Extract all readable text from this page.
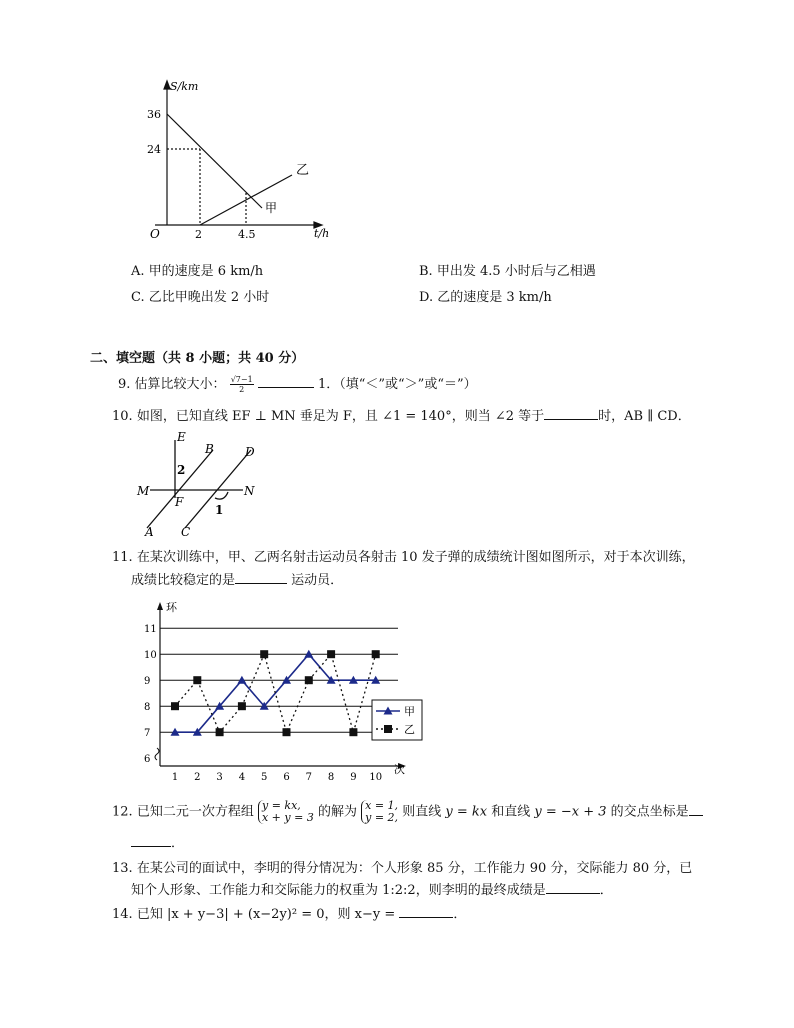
S/km
t/h
O
36
24
2	4.5
甲
乙
A. 甲的速度是 6 km/h	B. 甲出发 4.5 小时后与乙相遇
C. 乙比甲晚出发 2 小时	D. 乙的速度是 3 km/h
二、填空题（共 8 小题；共 40 分）
9. 估算比较大小： $\frac{√7-1}{2}$	1．（填“＜”或“＞”或“＝”）
10. 如图，已知直线 EF ⊥ MN 垂足为 F，且 ∠1 = 140°，则当 ∠2 等于	时，AB ∥ CD．
E
B	D
M	N
F
A C
1
2
11. 在某次训练中，甲、乙两名射击运动员各射击 10 发子弹的成绩统计图如图所示，对于本次训练，
成绩比较稳定的是	运动员．
环
次
6
7
8
9
10
11
1 2 3 4 5 6 7 8 9 10
甲
乙
12. 已知二元一次方程组 y = kx,
x + y = 3 的解为 x = 1,
y = 2, 则直线 y = kx 和直线 y = −x + 3 的交点坐标是
．
13. 在某公司的面试中，李明的得分情况为：个人形象 85 分，工作能力 90 分，交际能力 80 分，已
知个人形象、工作能力和交际能力的权重为 1:2:2，则李明的最终成绩是	．
14. 已知 |x + y−3| + (x−2y)² = 0，则 x−y =	．
